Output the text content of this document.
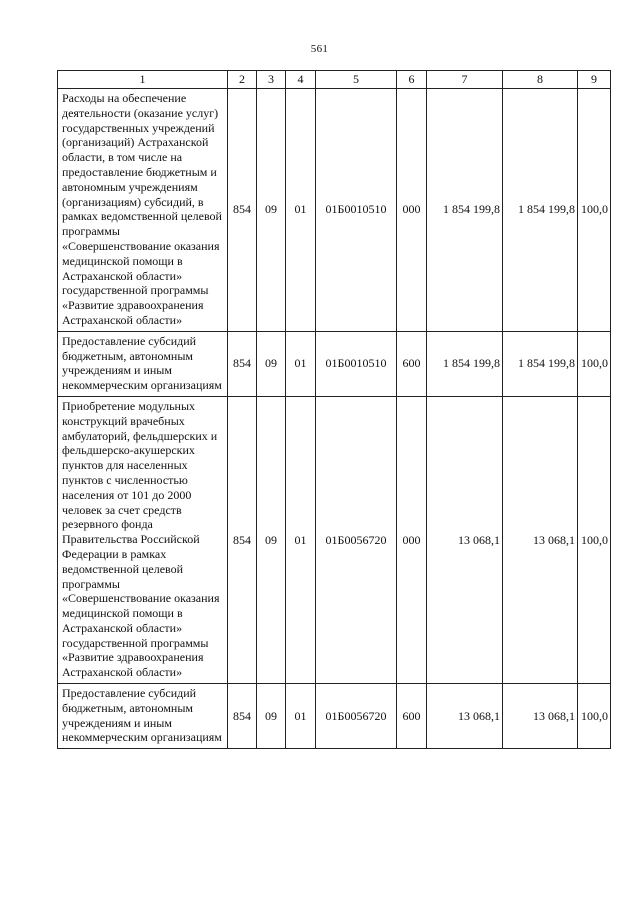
561
1	2	3	4	5	6	7	8	9
Расходы на обеспечение деятельности (оказание услуг) государственных учреждений (организаций) Астраханской области, в том числе на предоставление бюджетным и автономным учреждениям (организациям) субсидий, в рамках ведомственной целевой программы «Совершенствование оказания медицинской помощи в Астраханской области» государственной программы «Развитие здравоохранения Астраханской области»	854	09	01	01Б0010510	000	1 854 199,8	1 854 199,8	100,0
Предоставление субсидий бюджетным, автономным учреждениям и иным некоммерческим организациям	854	09	01	01Б0010510	600	1 854 199,8	1 854 199,8	100,0
Приобретение модульных конструкций врачебных амбулаторий, фельдшерских и фельдшерско-акушерских пунктов для населенных пунктов с численностью населения от 101 до 2000 человек за счет средств резервного фонда Правительства Российской Федерации в рамках ведомственной целевой программы «Совершенствование оказания медицинской помощи в Астраханской области» государственной программы «Развитие здравоохранения Астраханской области»	854	09	01	01Б0056720	000	13 068,1	13 068,1	100,0
Предоставление субсидий бюджетным, автономным учреждениям и иным некоммерческим организациям	854	09	01	01Б0056720	600	13 068,1	13 068,1	100,0
